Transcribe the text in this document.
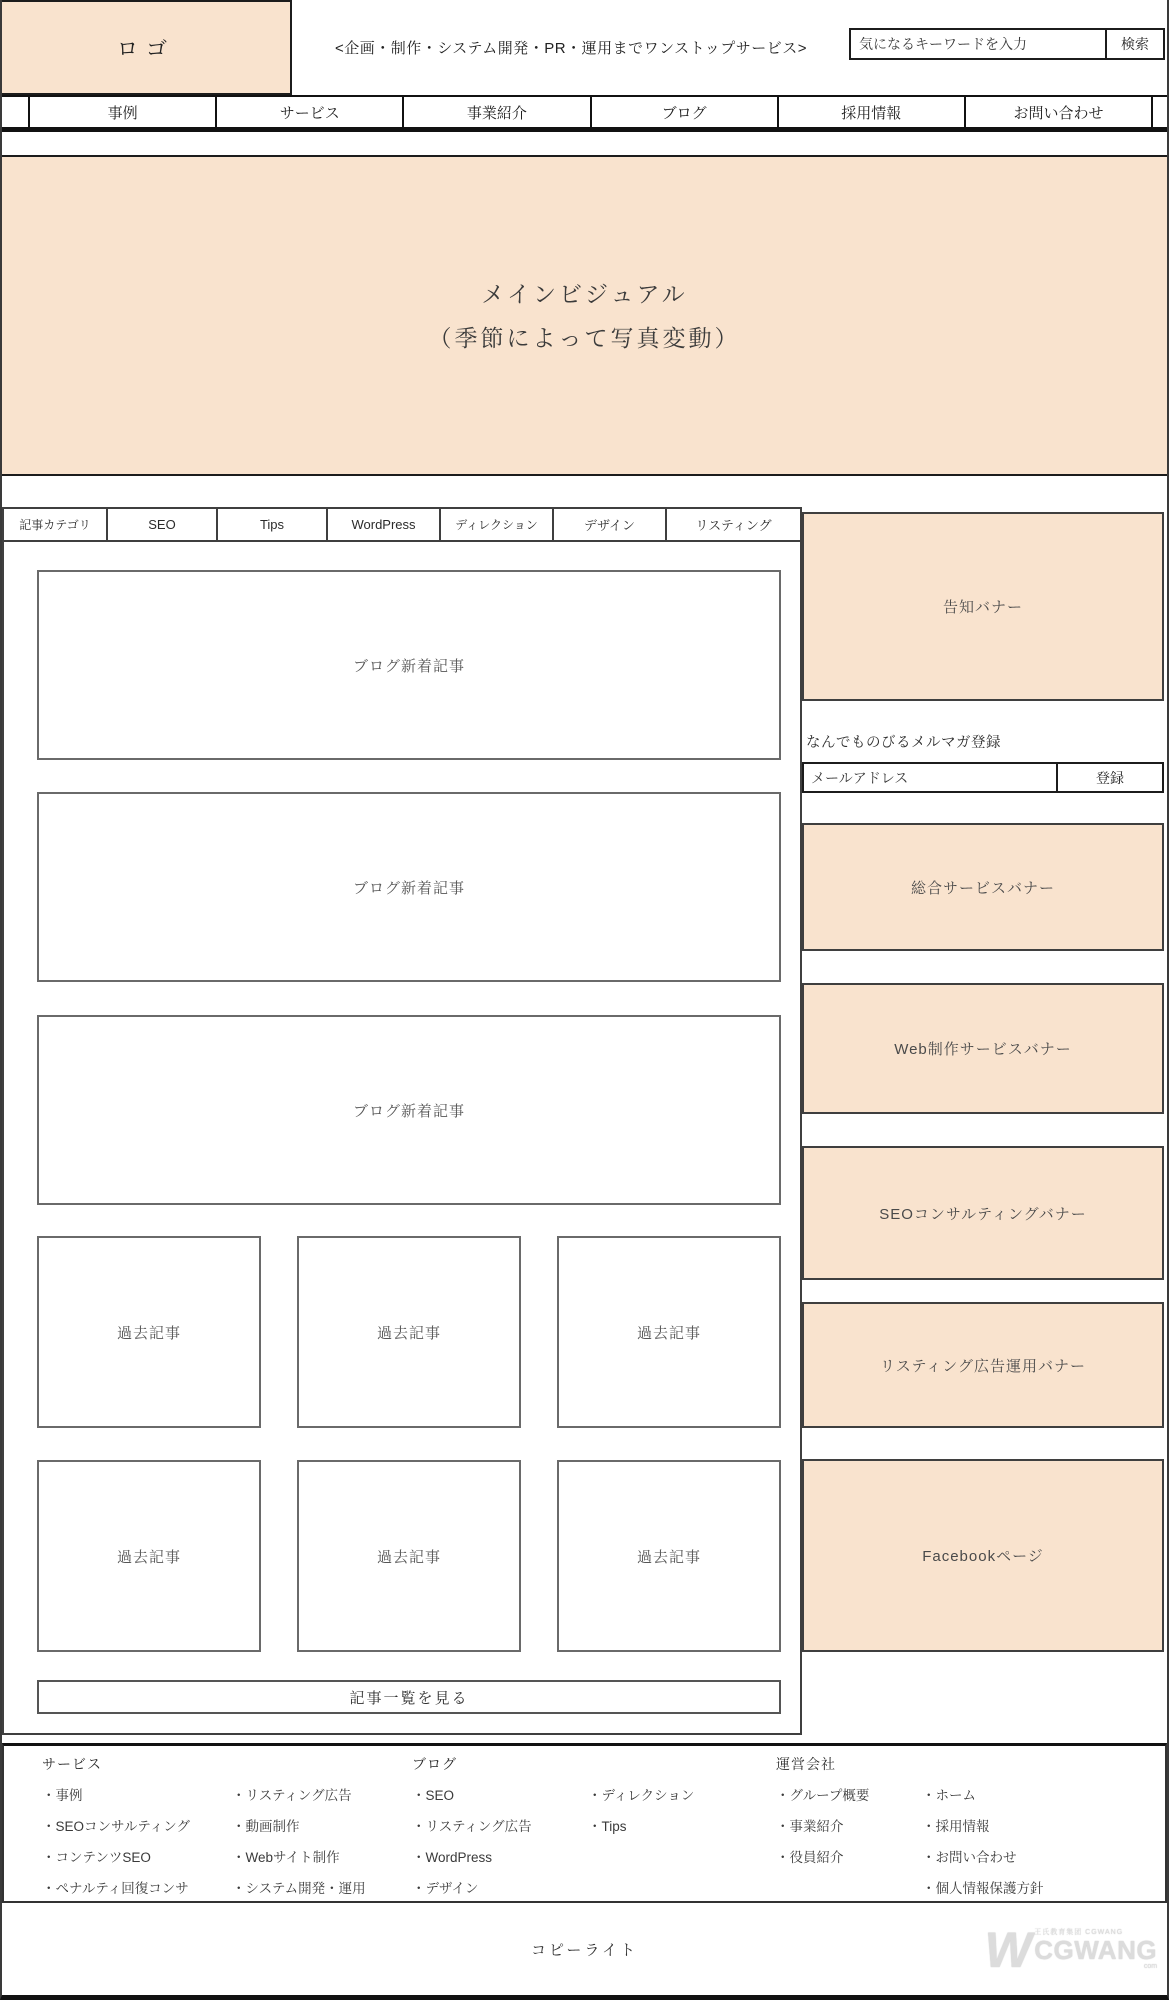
ロゴ	<企画・制作・システム開発・PR・運用までワンストップサービス>
気になるキーワードを入力	検索
事例	サービス	事業紹介	ブログ	採用情報	お問い合わせ
メインビジュアル
（季節によって写真変動）
記事カテゴリ	SEO	Tips	WordPress	ディレクション	デザイン	リスティング
ブログ新着記事
ブログ新着記事
ブログ新着記事
過去記事	過去記事	過去記事
過去記事	過去記事	過去記事
記事一覧を見る
告知バナー
なんでものびるメルマガ登録
メールアドレス
登録
総合サービスバナー
Web制作サービスバナー
SEOコンサルティングバナー
リスティング広告運用バナー
Facebookページ
サービス
・事例
・SEOコンサルティング
・コンテンツSEO
・ペナルティ回復コンサ
・リスティング広告
・動画制作
・Webサイト制作
・システム開発・運用
ブログ
・SEO
・リスティング広告
・WordPress
・デザイン
・ディレクション
・Tips
運営会社
・グループ概要
・事業紹介
・役員紹介
・ホーム
・採用情報
・お問い合わせ
・個人情報保護方針
コピーライト	W
王氏教育集团 CGWANG
CGWANG
com
